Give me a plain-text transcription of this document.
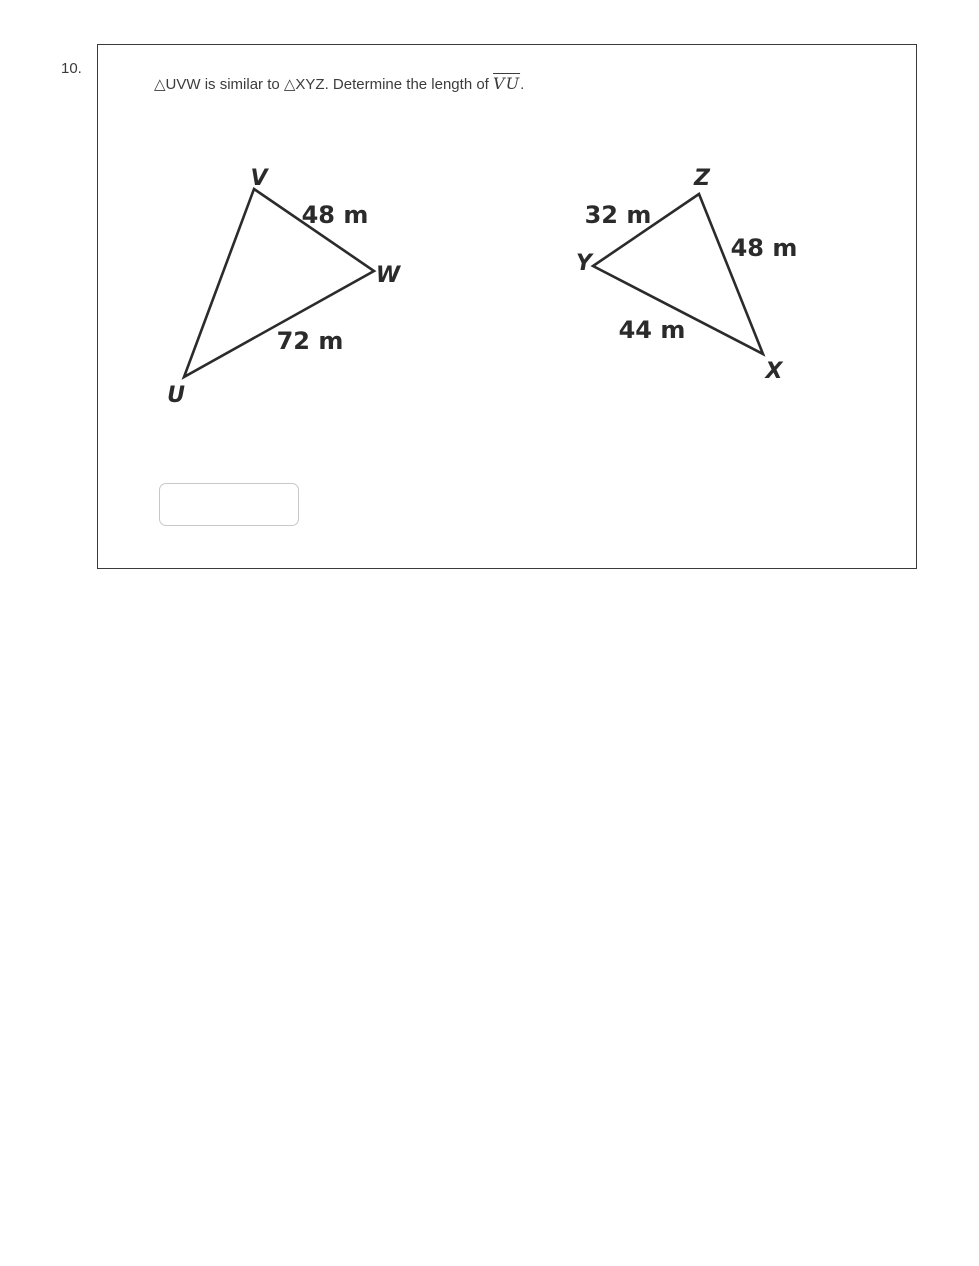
10.
△UVW is similar to △XYZ. Determine the length of $\overline{VU}$.
V
W
U
48 m
72 m
Z
Y
X
32 m
48 m
44 m
